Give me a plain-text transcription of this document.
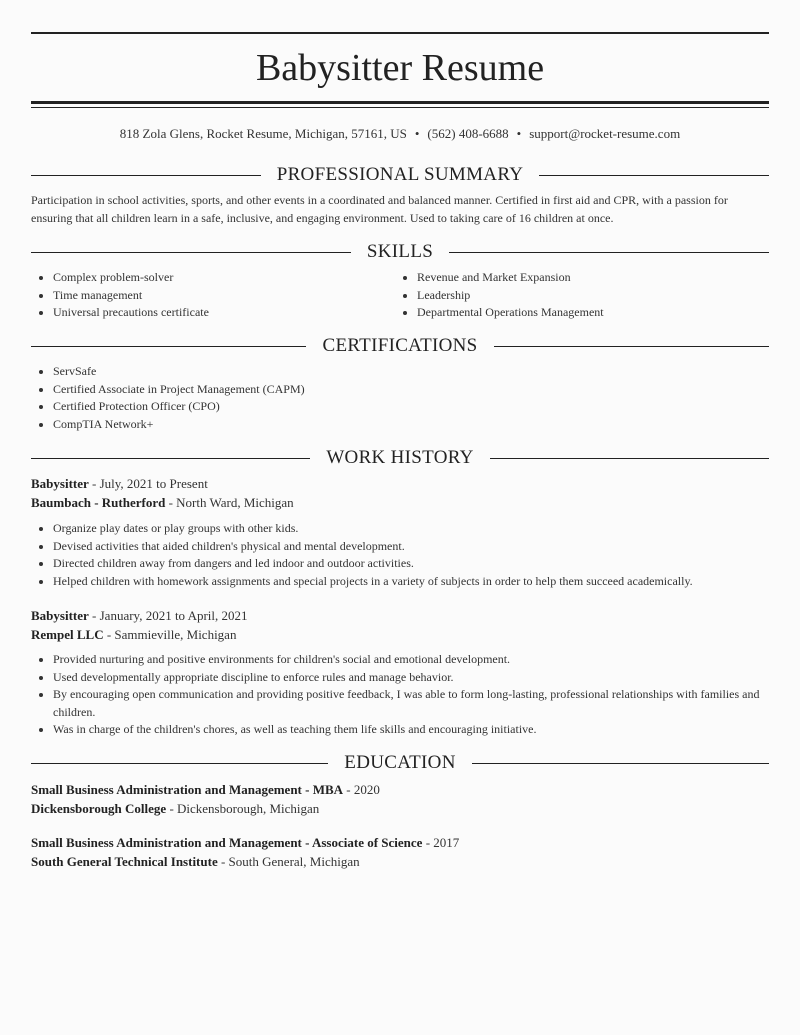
Babysitter Resume
818 Zola Glens, Rocket Resume, Michigan, 57161, US • (562) 408-6688 • support@rocket-resume.com
PROFESSIONAL SUMMARY

Participation in school activities, sports, and other events in a coordinated and balanced manner. Certified in first aid and CPR, with a passion for ensuring that all children learn in a safe, inclusive, and engaging environment. Used to taking care of 16 children at once.

SKILLS
• Complex problem-solver
• Time management
• Universal precautions certificate
• Revenue and Market Expansion
• Leadership
• Departmental Operations Management
CERTIFICATIONS
• ServSafe
• Certified Associate in Project Management (CAPM)
• Certified Protection Officer (CPO)
• CompTIA Network+
WORK HISTORY
Babysitter - July, 2021 to Present
Baumbach - Rutherford - North Ward, Michigan
• Organize play dates or play groups with other kids.
• Devised activities that aided children's physical and mental development.
• Directed children away from dangers and led indoor and outdoor activities.
• Helped children with homework assignments and special projects in a variety of subjects in order to help them succeed academically.
Babysitter - January, 2021 to April, 2021
Rempel LLC - Sammieville, Michigan
• Provided nurturing and positive environments for children's social and emotional development.
• Used developmentally appropriate discipline to enforce rules and manage behavior.
• By encouraging open communication and providing positive feedback, I was able to form long-lasting, professional relationships with families and children.
• Was in charge of the children's chores, as well as teaching them life skills and encouraging initiative.
EDUCATION
Small Business Administration and Management - MBA - 2020
Dickensborough College - Dickensborough, Michigan
Small Business Administration and Management - Associate of Science - 2017
South General Technical Institute - South General, Michigan
